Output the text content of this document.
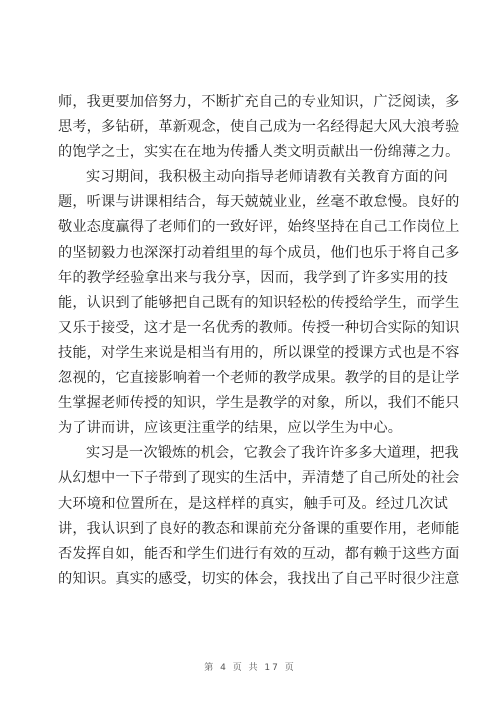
师，我更要加倍努力，不断扩充自己的专业知识，广泛阅读，多
思考，多钻研，革新观念，使自己成为一名经得起大风大浪考验
的饱学之士，实实在在地为传播人类文明贡献出一份绵薄之力。
实习期间，我积极主动向指导老师请教有关教育方面的问
题，听课与讲课相结合，每天兢兢业业，丝毫不敢怠慢。良好的
敬业态度赢得了老师们的一致好评，始终坚持在自己工作岗位上
的坚韧毅力也深深打动着组里的每个成员，他们也乐于将自己多
年的教学经验拿出来与我分享，因而，我学到了许多实用的技
能，认识到了能够把自己既有的知识轻松的传授给学生，而学生
又乐于接受，这才是一名优秀的教师。传授一种切合实际的知识
技能，对学生来说是相当有用的，所以课堂的授课方式也是不容
忽视的，它直接影响着一个老师的教学成果。教学的目的是让学
生掌握老师传授的知识，学生是教学的对象，所以，我们不能只
为了讲而讲，应该更注重学的结果，应以学生为中心。
实习是一次锻炼的机会，它教会了我许许多多大道理，把我
从幻想中一下子带到了现实的生活中，弄清楚了自己所处的社会
大环境和位置所在，是这样样的真实，触手可及。经过几次试
讲，我认识到了良好的教态和课前充分备课的重要作用，老师能
否发挥自如，能否和学生们进行有效的互动，都有赖于这些方面
的知识。真实的感受，切实的体会，我找出了自己平时很少注意
第 4 页 共 17 页
